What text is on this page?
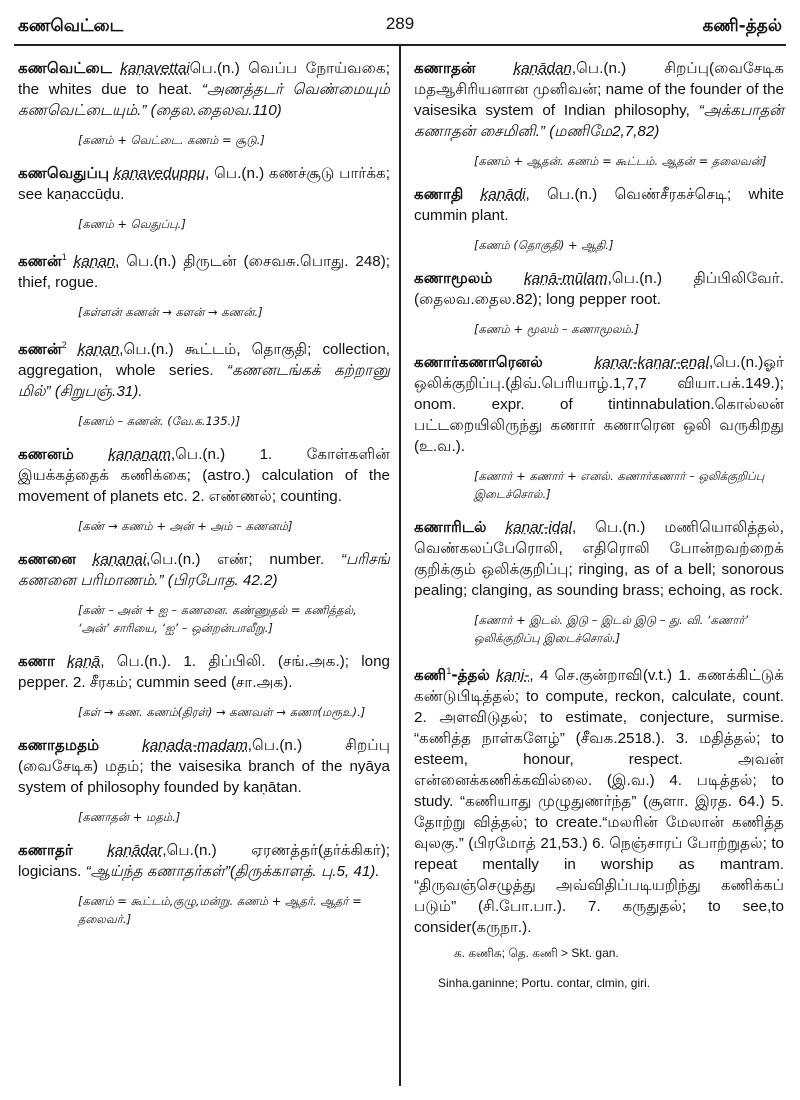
கணவெட்டை	289	கணி-த்தல்
கணவெட்டை kaṇavettaiபெ.(n.) வெப்ப நோய்வகை; the whites due to heat. “அணத்தடர் வெண்மையும் கணவெட்டையும்.” (தைல.தைலவ.110)
[கணம் + வெட்டை. கணம் = சூடு.]
கணவெதுப்பு kaṇaveduppu, பெ.(n.) கணச்சூடு பார்க்க; see kaṇaccūḍu.
[கணம் + வெதுப்பு.]
கணன்$^1$ kaṇaṉ, பெ.(n.) திருடன் (சைவசு.பொது. 248); thief, rogue.
[கள்ளன் கணன் → களன் → கணன்.]
கணன்$^2$ kaṇaṉ,பெ.(n.) கூட்டம், தொகுதி; collection, aggregation, whole series. “கணனடங்கக் கற்றானு மில்” (சிறுபஞ்.31).
[கணம் – கணன். (வே.க.135.)]
கணனம் kaṇaṉam,பெ.(n.) 1. கோள்களின் இயக்கத்தைக் கணிக்கை; (astro.) calculation of the movement of planets etc. 2. எண்ணல்; counting.
[கண் → கணம் + அன் + அம் – கணனம்]
கணனை kaṇaṉai,பெ.(n.) எண்; number. “பரிசங் கணனை பரிமாணம்.” (பிரபோத. 42.2)
[கண் – அன் + ஐ – கணனை. கண்ணுதல் = கணித்தல், ‘அன்’ சாரியை, ‘ஐ’ – ஒன்றன்பாலீறு.]
கணா kaṇā, பெ.(n.). 1. திப்பிலி. (சங்.அக.); long pepper. 2. சீரகம்; cummin seed (சா.அக).
[கள் → கண. கணம்(திரள்) → கணவள் → கணா(மரூஉ).]
கணாதமதம்	kaṇada-madam,பெ.(n.) சிறப்பு (வைசேடிக) மதம்; the vaisesika branch of the nyāya system of philosophy founded by kaṇātan.
[கணாதன் + மதம்.]
கணாதர் kaṇādar,பெ.(n.) ஏரணத்தர்(தர்க்கிகர்); logicians. “ஆய்ந்த கணாதர்கள்”(திருக்காளத். பு.5, 41).
[கணம் = கூட்டம்,குழு,மன்று. கணம் + ஆதர். ஆதர் = தலைவர்.]
கணாதன் kaṇādaṉ,பெ.(n.) சிறப்பு(வைசேடிக மதஆசிரியனான முனிவன்; name of the founder of the vaisesika system of Indian philosophy, “அக்கபாதன் கணாதன் சைமினி.” (மணிமே2,7,82)
[கணம் + ஆதன். கணம் = கூட்டம். ஆதன் = தலைவன்]
கணாதி kaṇādi, பெ.(n.) வெண்சீரகச்செடி; white cummin plant.
[கணம் (தொகுதி) + ஆதி.]
கணாமூலம் kaṇā-mūlam,பெ.(n.) திப்பிலிவேர். (தைலவ.தைல.82); long pepper root.
[கணம் + மூலம் – கணாமூலம்.]
கணார்கணாரெனல்	kaṇar-kaṇar-eṉal,பெ.(n.)ஓர் ஒலிக்குறிப்பு.(திவ்.பெரியாழ்.1,7,7 வியா.பக்.149.); onom. expr. of tintinnabulation.கொல்லன் பட்டறையிலிருந்து கணார் கணாரென ஒலி வருகிறது (உ.வ.).
[கணார் + கணார் + எனல். கணார்கணார் – ஒலிக்குறிப்பு இடைச்சொல்.]
கணாரிடல் kaṇar-iḍal, பெ.(n.) மணியொலித்தல், வெண்கலப்பேரொலி, எதிரொலி போன்றவற்றைக் குறிக்கும் ஒலிக்குறிப்பு; ringing, as of a bell; sonorous pealing; clanging, as sounding brass; echoing, as rock.
[கணார் + இடல். இடு – இடல் இடு – து. வி. ‘கணார்’ ஒலிக்குறிப்பு இடைச்சொல்.]
கணி$^1$-த்தல் kaṇi-, 4 செ.குன்றாவி(v.t.) 1. கணக்கிட்டுக் கண்டுபிடித்தல்; to compute, reckon, calculate, count. 2. அளவிடுதல்; to estimate, conjecture, surmise. “கணித்த நாள்களேழ்” (சீவக.2518.). 3. மதித்தல்; to esteem, honour, respect. அவன் என்னைக்கணிக்கவில்லை. (இ.வ.) 4. படித்தல்; to study. “கணியாது முழுதுணர்ந்த” (சூளா. இரத. 64.) 5. தோற்று வித்தல்; to create.“மலரின் மேலான் கணித்த வுலகு.” (பிரமோத் 21,53.) 6. நெஞ்சாரப் போற்றுதல்; to repeat mentally in worship as mantram. “திருவஞ்செழுத்து அவ்விதிப்படியறிந்து கணிக்கப் படும்” (சி.போ.பா.). 7. கருதுதல்; to see,to consider(கருநா.).
க. கணிசு; தெ. கணி > Skt. gan.
Sinha.ganinne; Portu. contar, clmin, giri.
